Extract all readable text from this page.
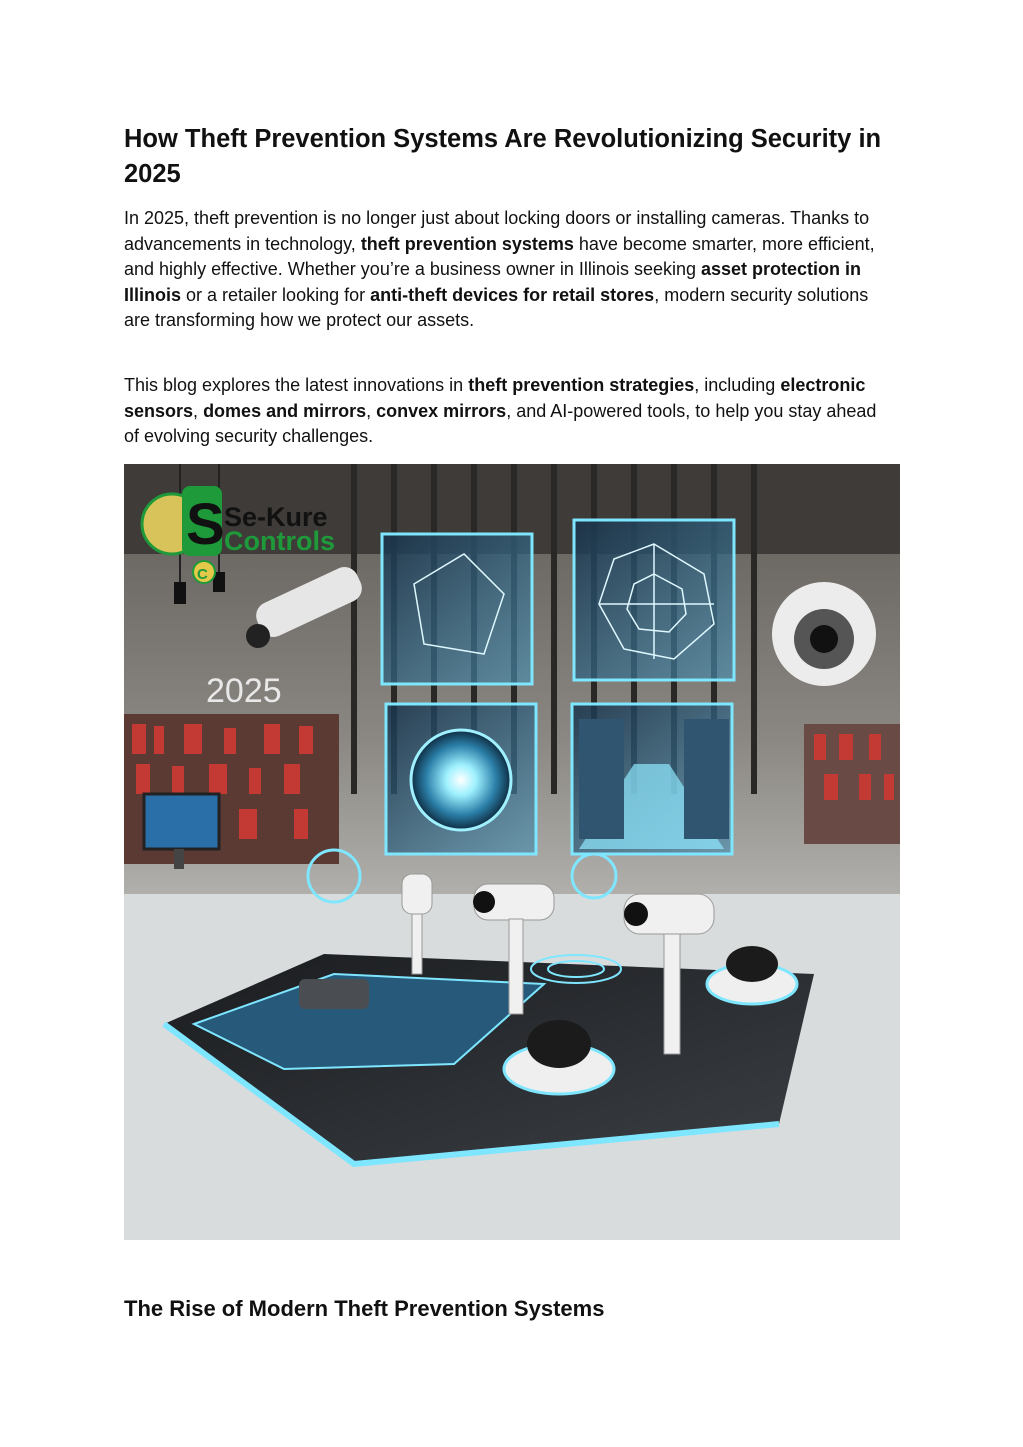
How Theft Prevention Systems Are Revolutionizing Security in 2025

In 2025, theft prevention is no longer just about locking doors or installing cameras. Thanks to advancements in technology, theft prevention systems have become smarter, more efficient, and highly effective. Whether you’re a business owner in Illinois seeking asset protection in Illinois or a retailer looking for anti-theft devices for retail stores, modern security solutions are transforming how we protect our assets.

This blog explores the latest innovations in theft prevention strategies, including electronic sensors, domes and mirrors, convex mirrors, and AI-powered tools, to help you stay ahead of evolving security challenges.

2025
S Se-Kure
Controls
C
The Rise of Modern Theft Prevention Systems
